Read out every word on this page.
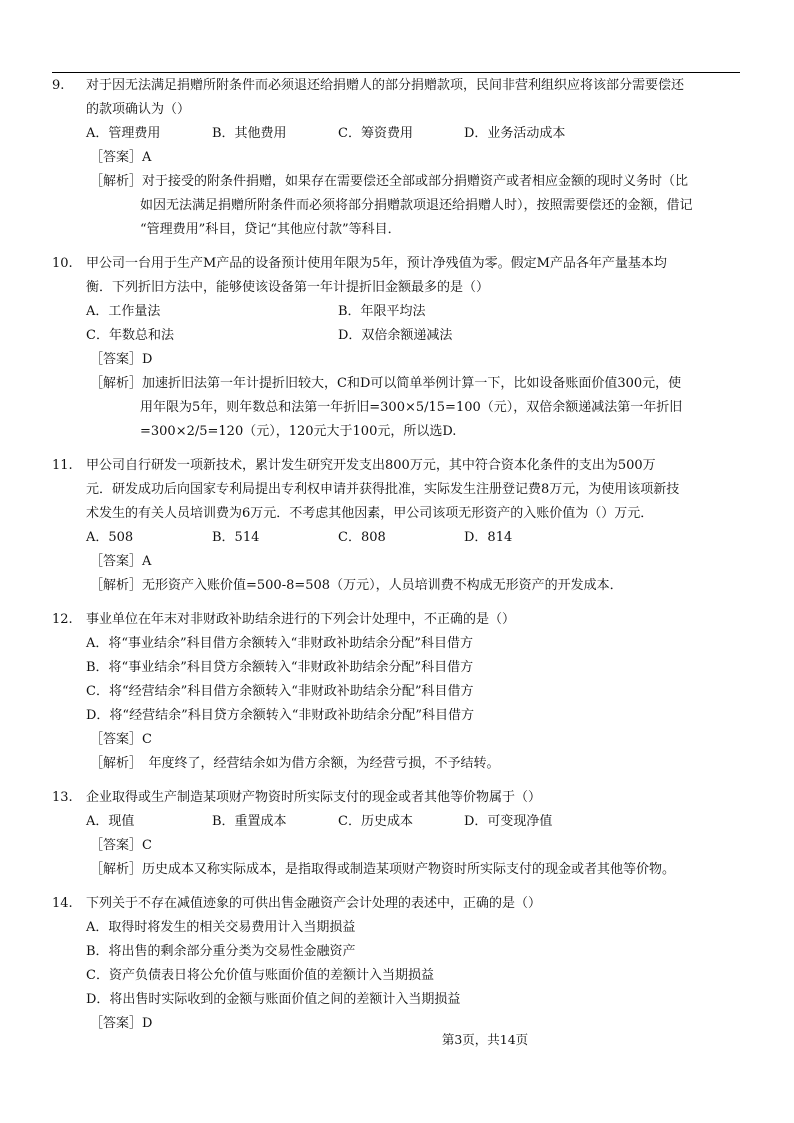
9. 对于因无法满足捐赠所附条件而必须退还给捐赠人的部分捐赠款项，民间非营利组织应将该部分需要偿还
的款项确认为（）
A．管理费用	B．其他费用	C．筹资费用	D．业务活动成本
［答案］A
［解析］对于接受的附条件捐赠，如果存在需要偿还全部或部分捐赠资产或者相应金额的现时义务时（比
如因无法满足捐赠所附条件而必须将部分捐赠款项退还给捐赠人时），按照需要偿还的金额，借记
“管理费用”科目，贷记“其他应付款”等科目．
10. 甲公司一台用于生产M产品的设备预计使用年限为5年，预计净残值为零。假定M产品各年产量基本均
衡．下列折旧方法中，能够使该设备第一年计提折旧金额最多的是（）
A．工作量法	B．年限平均法
C．年数总和法	D．双倍余额递减法
［答案］D
［解析］加速折旧法第一年计提折旧较大，C和D可以简单举例计算一下，比如设备账面价值300元，使
用年限为5年，则年数总和法第一年折旧=300×5/15=100（元），双倍余额递减法第一年折旧
=300×2/5=120（元），120元大于100元，所以选D.
11. 甲公司自行研发一项新技术，累计发生研究开发支出800万元，其中符合资本化条件的支出为500万
元．研发成功后向国家专利局提出专利权申请并获得批准，实际发生注册登记费8万元，为使用该项新技
术发生的有关人员培训费为6万元．不考虑其他因素，甲公司该项无形资产的入账价值为（）万元．
A．508	B．514	C．808	D．814
［答案］A
［解析］无形资产入账价值=500-8=508（万元），人员培训费不构成无形资产的开发成本．
12. 事业单位在年末对非财政补助结余进行的下列会计处理中，不正确的是（）
A．将“事业结余”科目借方余额转入“非财政补助结余分配”科目借方
B．将“事业结余”科目贷方余额转入“非财政补助结余分配”科目借方
C．将“经营结余”科目借方余额转入“非财政补助结余分配”科目借方
D．将“经营结余”科目贷方余额转入“非财政补助结余分配”科目借方
［答案］C
［解析］　年度终了，经营结余如为借方余额，为经营亏损，不予结转。
13. 企业取得或生产制造某项财产物资时所实际支付的现金或者其他等价物属于（）
A．现值	B．重置成本	C．历史成本	D．可变现净值
［答案］C
［解析］历史成本又称实际成本，是指取得或制造某项财产物资时所实际支付的现金或者其他等价物。
14. 下列关于不存在减值迹象的可供出售金融资产会计处理的表述中，正确的是（）
A．取得时将发生的相关交易费用计入当期损益
B．将出售的剩余部分重分类为交易性金融资产
C．资产负债表日将公允价值与账面价值的差额计入当期损益
D．将出售时实际收到的金额与账面价值之间的差额计入当期损益
［答案］D
第3页，共14页
